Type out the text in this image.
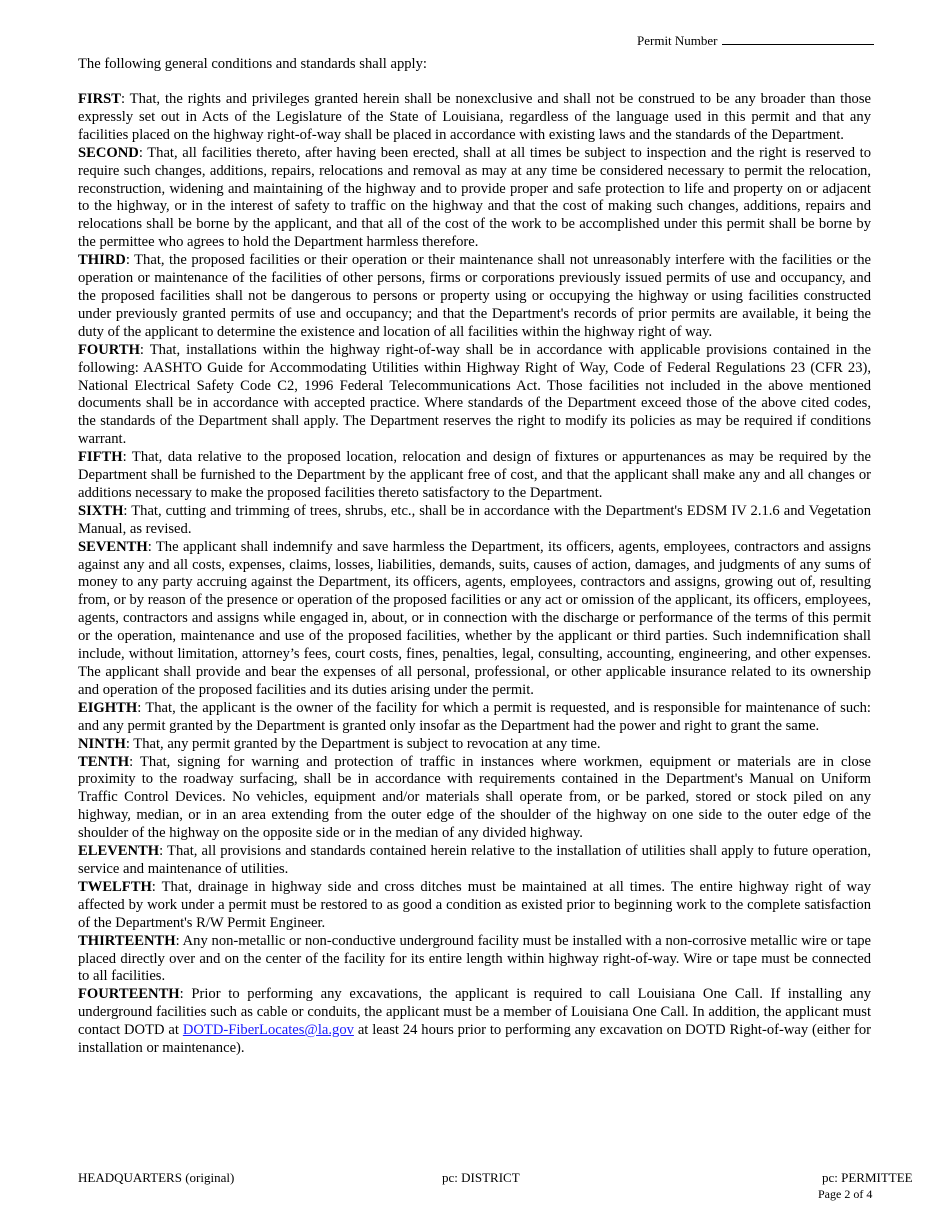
Permit Number

The following general conditions and standards shall apply:

FIRST: That, the rights and privileges granted herein shall be nonexclusive and shall not be construed to be any broader than those expressly set out in Acts of the Legislature of the State of Louisiana, regardless of the language used in this permit and that any facilities placed on the highway right-of-way shall be placed in accordance with existing laws and the standards of the Department.

SECOND: That, all facilities thereto, after having been erected, shall at all times be subject to inspection and the right is reserved to require such changes, additions, repairs, relocations and removal as may at any time be considered necessary to permit the relocation, reconstruction, widening and maintaining of the highway and to provide proper and safe protection to life and property on or adjacent to the highway, or in the interest of safety to traffic on the highway and that the cost of making such changes, additions, repairs and relocations shall be borne by the applicant, and that all of the cost of the work to be accomplished under this permit shall be borne by the permittee who agrees to hold the Department harmless therefore.

THIRD: That, the proposed facilities or their operation or their maintenance shall not unreasonably interfere with the facilities or the operation or maintenance of the facilities of other persons, firms or corporations previously issued permits of use and occupancy, and the proposed facilities shall not be dangerous to persons or property using or occupying the highway or using facilities constructed under previously granted permits of use and occupancy; and that the Department's records of prior permits are available, it being the duty of the applicant to determine the existence and location of all facilities within the highway right of way.

FOURTH: That, installations within the highway right-of-way shall be in accordance with applicable provisions contained in the following: AASHTO Guide for Accommodating Utilities within Highway Right of Way, Code of Federal Regulations 23 (CFR 23), National Electrical Safety Code C2, 1996 Federal Telecommunications Act. Those facilities not included in the above mentioned documents shall be in accordance with accepted practice. Where standards of the Department exceed those of the above cited codes, the standards of the Department shall apply. The Department reserves the right to modify its policies as may be required if conditions warrant.

FIFTH: That, data relative to the proposed location, relocation and design of fixtures or appurtenances as may be required by the Department shall be furnished to the Department by the applicant free of cost, and that the applicant shall make any and all changes or additions necessary to make the proposed facilities thereto satisfactory to the Department.

SIXTH: That, cutting and trimming of trees, shrubs, etc., shall be in accordance with the Department's EDSM IV 2.1.6 and Vegetation Manual, as revised.

SEVENTH: The applicant shall indemnify and save harmless the Department, its officers, agents, employees, contractors and assigns against any and all costs, expenses, claims, losses, liabilities, demands, suits, causes of action, damages, and judgments of any sums of money to any party accruing against the Department, its officers, agents, employees, contractors and assigns, growing out of, resulting from, or by reason of the presence or operation of the proposed facilities or any act or omission of the applicant, its officers, employees, agents, contractors and assigns while engaged in, about, or in connection with the discharge or performance of the terms of this permit or the operation, maintenance and use of the proposed facilities, whether by the applicant or third parties. Such indemnification shall include, without limitation, attorney’s fees, court costs, fines, penalties, legal, consulting, accounting, engineering, and other expenses. The applicant shall provide and bear the expenses of all personal, professional, or other applicable insurance related to its ownership and operation of the proposed facilities and its duties arising under the permit.

EIGHTH: That, the applicant is the owner of the facility for which a permit is requested, and is responsible for maintenance of such: and any permit granted by the Department is granted only insofar as the Department had the power and right to grant the same.

NINTH: That, any permit granted by the Department is subject to revocation at any time.

TENTH: That, signing for warning and protection of traffic in instances where workmen, equipment or materials are in close proximity to the roadway surfacing, shall be in accordance with requirements contained in the Department's Manual on Uniform Traffic Control Devices. No vehicles, equipment and/or materials shall operate from, or be parked, stored or stock piled on any highway, median, or in an area extending from the outer edge of the shoulder of the highway on one side to the outer edge of the shoulder of the highway on the opposite side or in the median of any divided highway.

ELEVENTH: That, all provisions and standards contained herein relative to the installation of utilities shall apply to future operation, service and maintenance of utilities.

TWELFTH: That, drainage in highway side and cross ditches must be maintained at all times. The entire highway right of way affected by work under a permit must be restored to as good a condition as existed prior to beginning work to the complete satisfaction of the Department's R/W Permit Engineer.

THIRTEENTH: Any non-metallic or non-conductive underground facility must be installed with a non-corrosive metallic wire or tape placed directly over and on the center of the facility for its entire length within highway right-of-way. Wire or tape must be connected to all facilities.

FOURTEENTH: Prior to performing any excavations, the applicant is required to call Louisiana One Call. If installing any underground facilities such as cable or conduits, the applicant must be a member of Louisiana One Call. In addition, the applicant must contact DOTD at DOTD-FiberLocates@la.gov at least 24 hours prior to performing any excavation on DOTD Right-of-way (either for installation or maintenance).

HEADQUARTERS (original)	pc: DISTRICT	pc: PERMITTEE
Page 2 of 4
